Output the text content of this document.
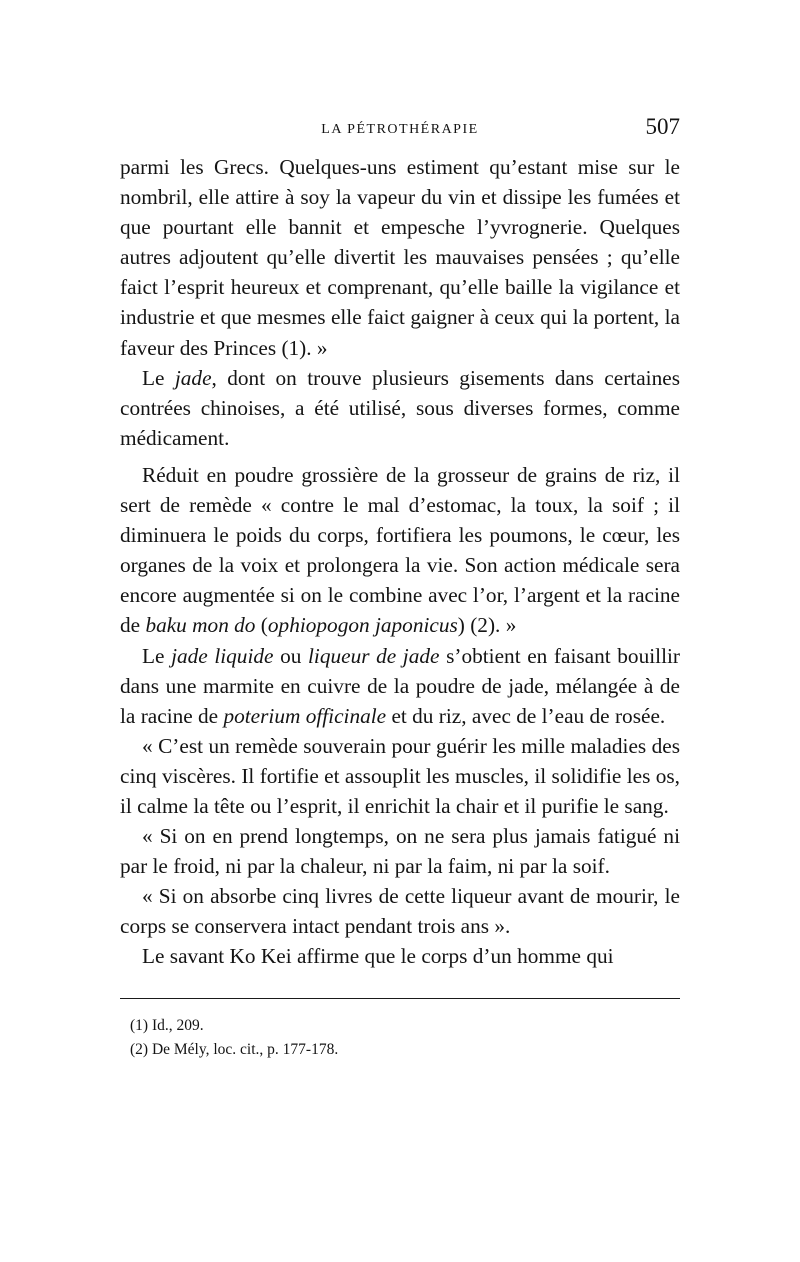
LA PÉTROTHÉRAPIE	507

parmi les Grecs. Quelques-uns estiment qu’estant mise sur le nombril, elle attire à soy la vapeur du vin et dissipe les fumées et que pourtant elle bannit et empesche l’yvrognerie. Quelques autres adjoutent qu’elle divertit les mauvaises pensées ; qu’elle faict l’esprit heureux et comprenant, qu’elle baille la vigilance et industrie et que mesmes elle faict gaigner à ceux qui la portent, la faveur des Princes (1). »

Le jade, dont on trouve plusieurs gisements dans certaines contrées chinoises, a été utilisé, sous diverses formes, comme médicament.

Réduit en poudre grossière de la grosseur de grains de riz, il sert de remède « contre le mal d’estomac, la toux, la soif ; il diminuera le poids du corps, fortifiera les poumons, le cœur, les organes de la voix et prolongera la vie. Son action médicale sera encore augmentée si on le combine avec l’or, l’argent et la racine de baku mon do (ophiopogon japonicus) (2). »

Le jade liquide ou liqueur de jade s’obtient en faisant bouillir dans une marmite en cuivre de la poudre de jade, mélangée à de la racine de poterium officinale et du riz, avec de l’eau de rosée.

« C’est un remède souverain pour guérir les mille maladies des cinq viscères. Il fortifie et assouplit les muscles, il solidifie les os, il calme la tête ou l’esprit, il enrichit la chair et il purifie le sang.

« Si on en prend longtemps, on ne sera plus jamais fatigué ni par le froid, ni par la chaleur, ni par la faim, ni par la soif.

« Si on absorbe cinq livres de cette liqueur avant de mourir, le corps se conservera intact pendant trois ans ».

Le savant Ko Kei affirme que le corps d’un homme qui

(1) Id., 209.
(2) De Mély, loc. cit., p. 177-178.
